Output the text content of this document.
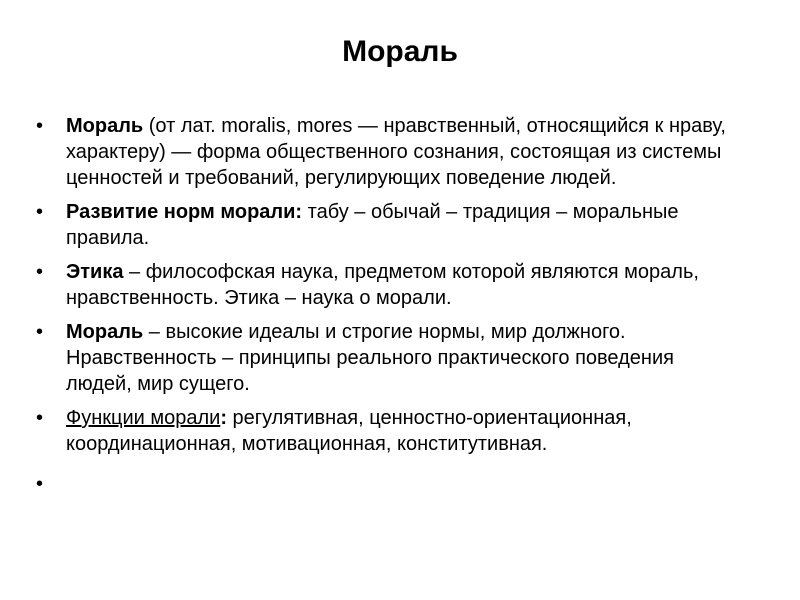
Мораль
• Мораль (от лат. moralis, mores — нравственный, относящийся к нраву, характеру) — форма общественного сознания, состоящая из системы ценностей и требований, регулирующих поведение людей.
• Развитие норм морали: табу – обычай – традиция – моральные правила.
• Этика – философская наука, предметом которой являются мораль, нравственность. Этика – наука о морали.
• Мораль – высокие идеалы и строгие нормы, мир должного. Нравственность – принципы реального практического поведения людей, мир сущего.
• Функции морали: регулятивная, ценностно-ориентационная, координационная, мотивационная, конститутивная.
•
